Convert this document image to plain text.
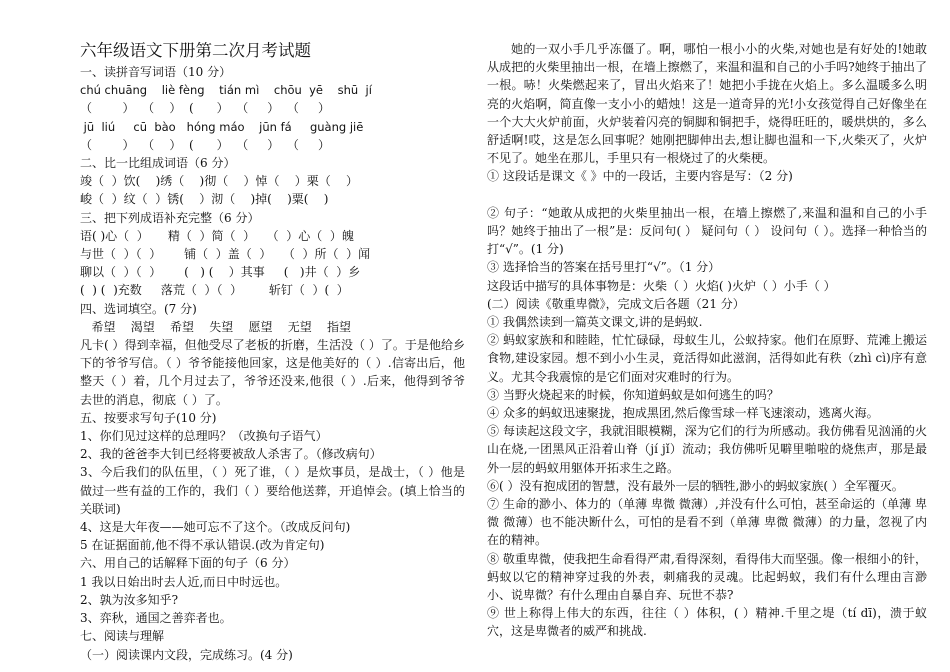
六年级语文下册第二次月考试题
一、读拼音写词语（10 分）
chú chuāng    liè fèng    tián mì    chōu  yē    shū  jí
（        ）  （    ）  (      ）  （     ）  （     ）
jū  liú     cū  bào   hóng máo    jūn fá     guàng jiē
（        ）  （    ）  (      ）  （     ）  （     ）
二、比一比组成词语（6 分）
竣（  ）饮(    )绣（    )彻（    ）悼（    ）栗（    ）
峻（  ）纹（  ）锈(    ）沏（    )掉(    )粟(    )
三、把下列成语补充完整（6 分）
语( )心（  ）     精（  ）简（  ）   （  ）心（  ）魄
与世（  ）（  ）      铺（  ）盖（  ）   （  ）所（  ）闻
聊以（  ）（  ）      (   ) (    ）其事     (   )井（  ）乡
(  ) (  )充数     落荒（  ）（  ）       斩钉（  ）(  ）
四、选词填空。(7 分)
希望    渴望    希望    失望    愿望    无望    指望
凡卡( ）得到幸福，但他受尽了老板的折磨，生活没（ ）了。于是他给乡下的爷爷写信。（ ）爷爷能接他回家，这是他美好的（ ）.信寄出后，他整天（ ）着，几个月过去了，爷爷还没来,他很（ ）.后来，他得到爷爷去世的消息，彻底（ ）了。
五、按要求写句子(10 分)
1、你们见过这样的总理吗？（改换句子语气）
2、我的爸爸李大钊已经将要被敌人杀害了。（修改病句）
3、今后我们的队伍里，（ ）死了谁，（ ）是炊事员，是战士，（ ）他是做过一些有益的工作的，我们（ ）要给他送葬，开追悼会。(填上恰当的关联词)
4、这是大年夜——她可忘不了这个。（改成反问句)
5 在证据面前,他不得不承认错误.(改为肯定句)
六、用自己的话解释下面的句子（6 分）
1 我以日始出时去人近,而日中时远也。
2、孰为汝多知乎?
3、弈秋，通国之善弈者也。
七、阅读与理解
（一）阅读课内文段，完成练习。(4 分)
她的一双小手几乎冻僵了。啊，哪怕一根小小的火柴,对她也是有好处的!她敢从成把的火柴里抽出一根，在墙上擦燃了，来温和温和自己的小手吗?她终于抽出了一根。哧！火柴燃起来了，冒出火焰来了！她把小手拢在火焰上。多么温暖多么明亮的火焰啊，简直像一支小小的蜡烛！这是一道奇异的光!小女孩觉得自己好像坐在一个大大火炉前面，火炉装着闪亮的铜脚和铜把手，烧得旺旺的，暖烘烘的，多么舒适啊!哎，这是怎么回事呢？她刚把脚伸出去,想让脚也温和一下,火柴灭了，火炉不见了。她坐在那儿，手里只有一根烧过了的火柴梗。
① 这段话是课文《 》中的一段话，主要内容是写：（2 分)
② 句子：“她敢从成把的火柴里抽出一根，在墙上擦燃了,来温和温和自己的小手吗？她终于抽出了一根”是：反问句( ） 疑问句（ ） 设问句（ ）。选择一种恰当的打“√”。(1 分)
③ 选择恰当的答案在括号里打“√”。（1 分）
这段话中描写的具体事物是：火柴（ ）火焰( )火炉（ ）小手（ ）
(二）阅读《敬重卑微》，完成文后各题（21 分）
① 我偶然读到一篇英文课文,讲的是蚂蚁.
② 蚂蚁家族和和睦睦，忙忙碌碌，母蚁生儿，公蚁持家。他们在原野、荒滩上搬运食物,建设家园。想不到小小生灵，竟活得如此滋润，活得如此有秩（zhì cì)序有意义。尤其令我震惊的是它们面对灾难时的行为。
③ 当野火烧起来的时候，你知道蚂蚁是如何逃生的吗？
④ 众多的蚂蚁迅速聚拢，抱成黑团,然后像雪球一样飞速滚动，逃离火海。
⑤ 每读起这段文字，我就泪眼模糊，深为它们的行为所感动。我仿佛看见汹涌的火山在烧,一团黑风正沿着山脊（jí jǐ）流动；我仿佛听见噼里啪啦的烧焦声，那是最外一层的蚂蚁用躯体开拓求生之路。
⑥( ）没有抱成团的智慧，没有最外一层的牺牲,渺小的蚂蚁家族( ）全军覆灭。
⑦ 生命的渺小、体力的（单薄 卑微 微薄）,并没有什么可怕，甚至命运的（单薄 卑微 微薄）也不能决断什么，可怕的是看不到（单薄 卑微 微薄）的力量，忽视了内在的精神。
⑧ 敬重卑微，使我把生命看得严肃,看得深刻，看得伟大而坚强。像一根细小的针，蚂蚁以它的精神穿过我的外表，刺痛我的灵魂。比起蚂蚁，我们有什么理由言渺小、说卑微？有什么理由自暴自弃、玩世不恭?
⑨ 世上称得上伟大的东西，往往（ ）体积，( ）精神.千里之堤（tí dī)，溃于蚁穴，这是卑微者的威严和挑战.
